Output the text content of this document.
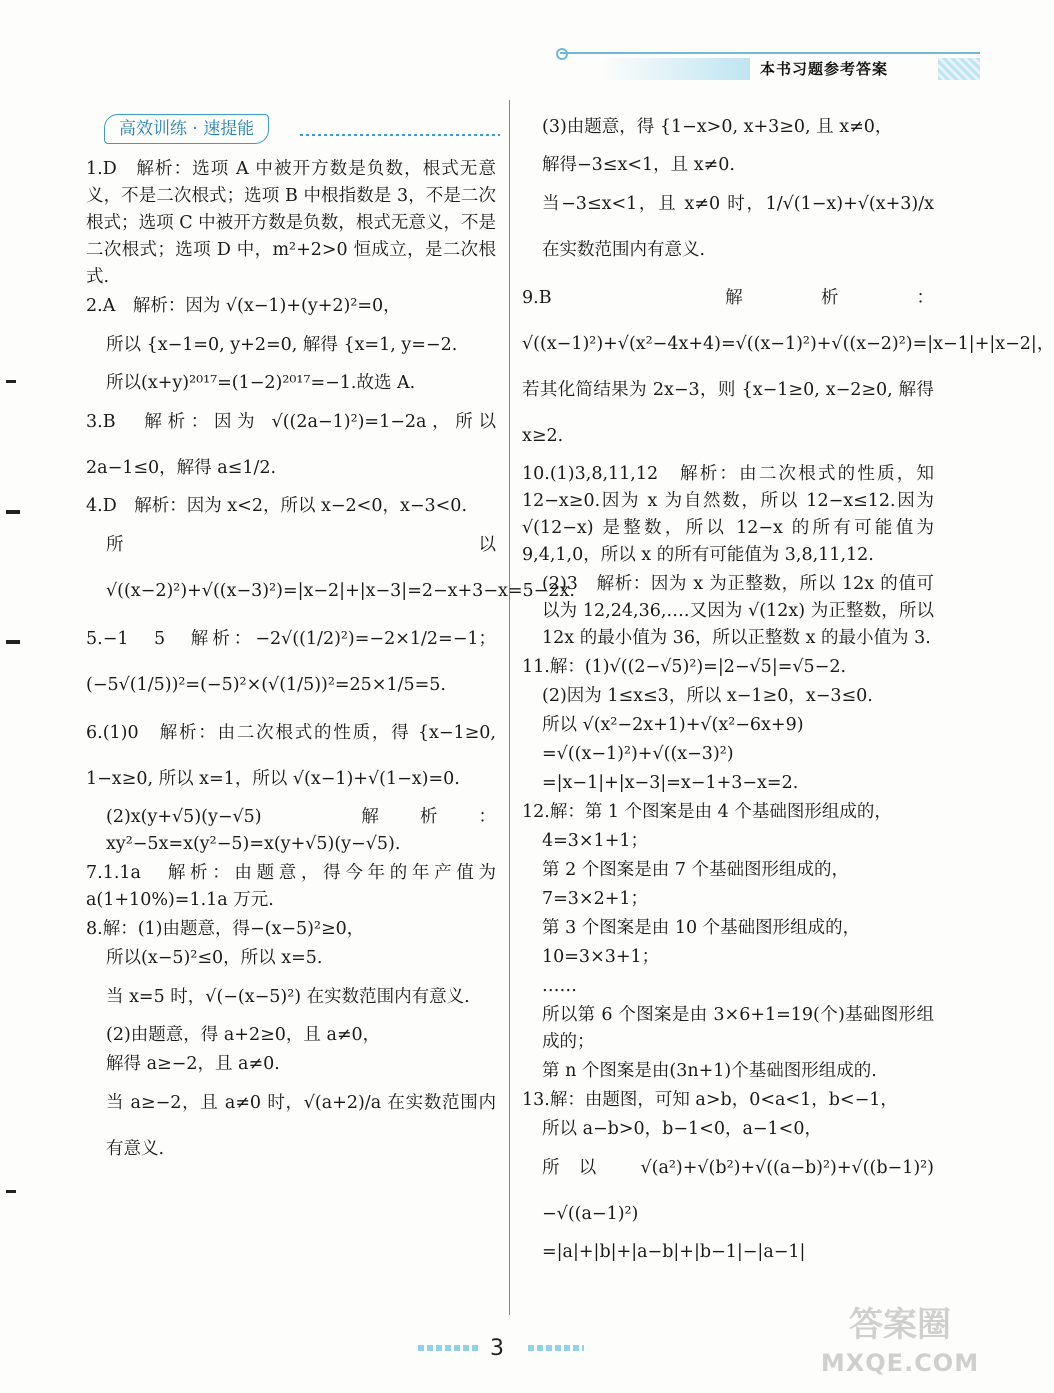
本书习题参考答案
高效训练 · 速提能

1.D　解析：选项 A 中被开方数是负数，根式无意义，不是二次根式；选项 B 中根指数是 3，不是二次根式；选项 C 中被开方数是负数，根式无意义，不是二次根式；选项 D 中，m²+2>0 恒成立，是二次根式.

2.A　解析：因为 √(x−1)+(y+2)²=0，

所以 {x−1=0, y+2=0, 解得 {x=1, y=−2.

所以(x+y)²⁰¹⁷=(1−2)²⁰¹⁷=−1.故选 A.

3.B　解析：因为 √((2a−1)²)=1−2a，所以 2a−1≤0，解得 a≤1/2.

4.D　解析：因为 x<2，所以 x−2<0，x−3<0.

所以 √((x−2)²)+√((x−3)²)=|x−2|+|x−3|=2−x+3−x=5−2x.

5.−1　5　解析：−2√((1/2)²)=−2×1/2=−1；(−5√(1/5))²=(−5)²×(√(1/5))²=25×1/5=5.

6.(1)0　解析：由二次根式的性质，得 {x−1≥0, 1−x≥0, 所以 x=1，所以 √(x−1)+√(1−x)=0.

(2)x(y+√5)(y−√5)　解析：xy²−5x=x(y²−5)=x(y+√5)(y−√5).

7.1.1a　解析：由题意，得今年的年产值为 a(1+10%)=1.1a 万元.

8.解：(1)由题意，得−(x−5)²≥0，

所以(x−5)²≤0，所以 x=5.

当 x=5 时，√(−(x−5)²) 在实数范围内有意义.

(2)由题意，得 a+2≥0，且 a≠0，

解得 a≥−2，且 a≠0.

当 a≥−2，且 a≠0 时，√(a+2)/a 在实数范围内有意义.

(3)由题意，得 {1−x>0, x+3≥0, 且 x≠0，

解得−3≤x<1，且 x≠0.

当−3≤x<1，且 x≠0 时，1/√(1−x)+√(x+3)/x 在实数范围内有意义.

9.B　解析：√((x−1)²)+√(x²−4x+4)=√((x−1)²)+√((x−2)²)=|x−1|+|x−2|，若其化简结果为 2x−3，则 {x−1≥0, x−2≥0, 解得 x≥2.

10.(1)3,8,11,12　解析：由二次根式的性质，知 12−x≥0.因为 x 为自然数，所以 12−x≤12.因为 √(12−x) 是整数，所以 12−x 的所有可能值为 9,4,1,0，所以 x 的所有可能值为 3,8,11,12.

(2)3　解析：因为 x 为正整数，所以 12x 的值可以为 12,24,36,….又因为 √(12x) 为正整数，所以 12x 的最小值为 36，所以正整数 x 的最小值为 3.

11.解：(1)√((2−√5)²)=|2−√5|=√5−2.

(2)因为 1≤x≤3，所以 x−1≥0，x−3≤0.

所以 √(x²−2x+1)+√(x²−6x+9)

=√((x−1)²)+√((x−3)²)

=|x−1|+|x−3|=x−1+3−x=2.

12.解：第 1 个图案是由 4 个基础图形组成的，

4=3×1+1；

第 2 个图案是由 7 个基础图形组成的，

7=3×2+1；

第 3 个图案是由 10 个基础图形组成的，

10=3×3+1；

……

所以第 6 个图案是由 3×6+1=19(个)基础图形组成的；

第 n 个图案是由(3n+1)个基础图形组成的.

13.解：由题图，可知 a>b，0<a<1，b<−1，

所以 a−b>0，b−1<0，a−1<0，

所以 √(a²)+√(b²)+√((a−b)²)+√((b−1)²)−√((a−1)²)

=|a|+|b|+|a−b|+|b−1|−|a−1|

3
答案圈
MXQE.COM
